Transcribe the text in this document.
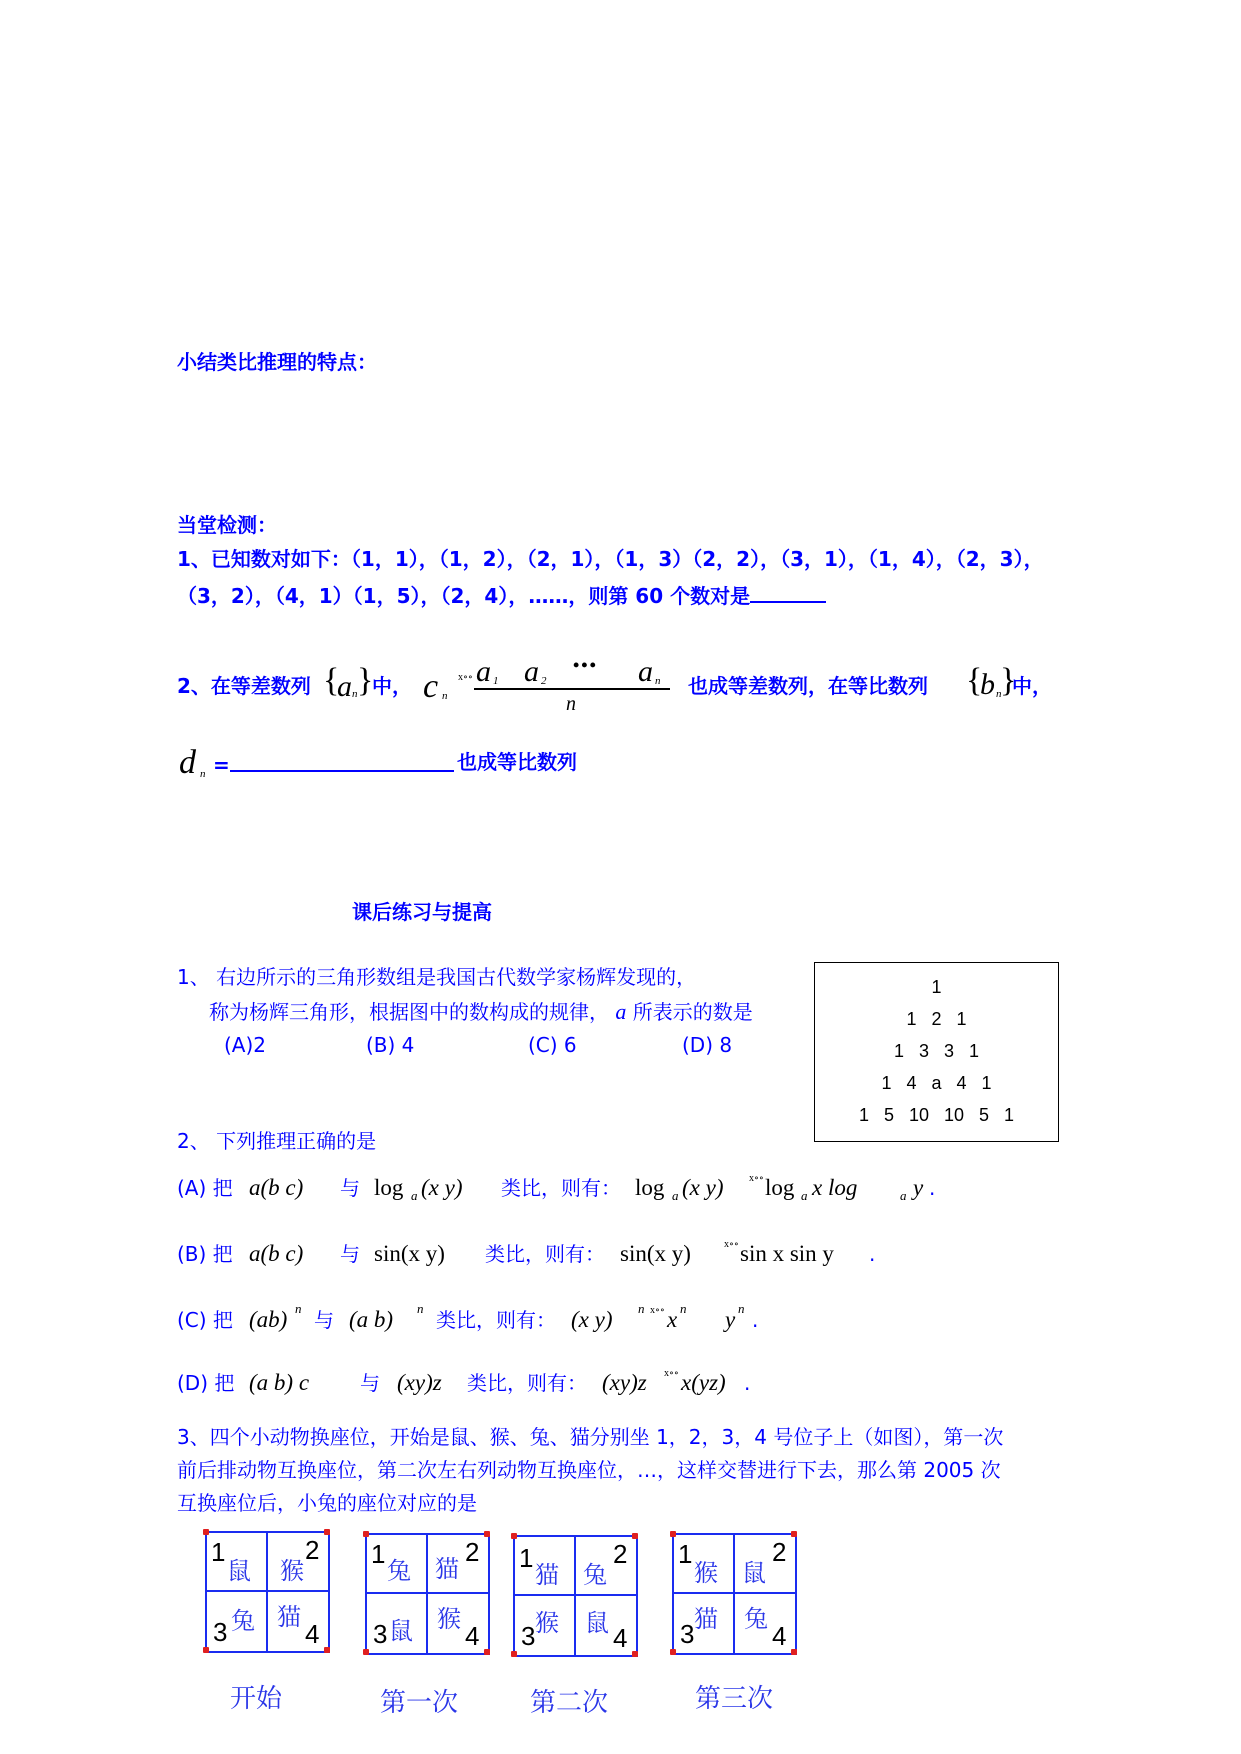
小结类比推理的特点：
当堂检测：
1、已知数对如下：（1，1），（1，2），（2，1），（1，3）（2，2），（3，1），（1，4），（2，3），
（3，2），（4，1）（1，5），（2，4），……，则第 60 个数对是
2、在等差数列 {
a n }
中， c n
x∘∘ a 1 a 2
••• a n
n
也成等差数列，在等比数列 {
b n
}
中，
d n =	也成等比数列
课后练习与提高
1、 右边所示的三角形数组是我国古代数学家杨辉发现的，
称为杨辉三角形，根据图中的数构成的规律， a 所表示的数是
(A)2	(B) 4	(C) 6	(D) 8
1
1   2   1
1   3   3   1
1   4   a   4   1
1   5   10   10   5   1
2、 下列推理正确的是
(A) 把 a(b c) 与 log a (x y) 类比，则有： log a (x y)	x∘∘ log a x log	a y .
(B) 把 a(b c) 与 sin(x y) 类比，则有： sin(x y)	x∘∘ sin x sin y .
(C) 把 (ab) n 与 (a b) n 类比，则有： (x y) n x∘∘ x n y n .
(D) 把 (a b) c	与 (xy)z 类比，则有： (xy)z x∘∘ x(yz) .
3、四个小动物换座位，开始是鼠、猴、兔、猫分别坐 1，2，3，4 号位子上（如图），第一次
前后排动物互换座位，第二次左右列动物互换座位，…，这样交替进行下去，那么第 2005 次
互换座位后，小兔的座位对应的是
1	2
3	4
鼠 猴
兔 猫
开始
1	2
3	4
兔 猫
鼠 猴
第一次
1	2
3	4
猫 兔
猴 鼠
第二次
1	2
3	4
猴 鼠
猫 兔
第三次
